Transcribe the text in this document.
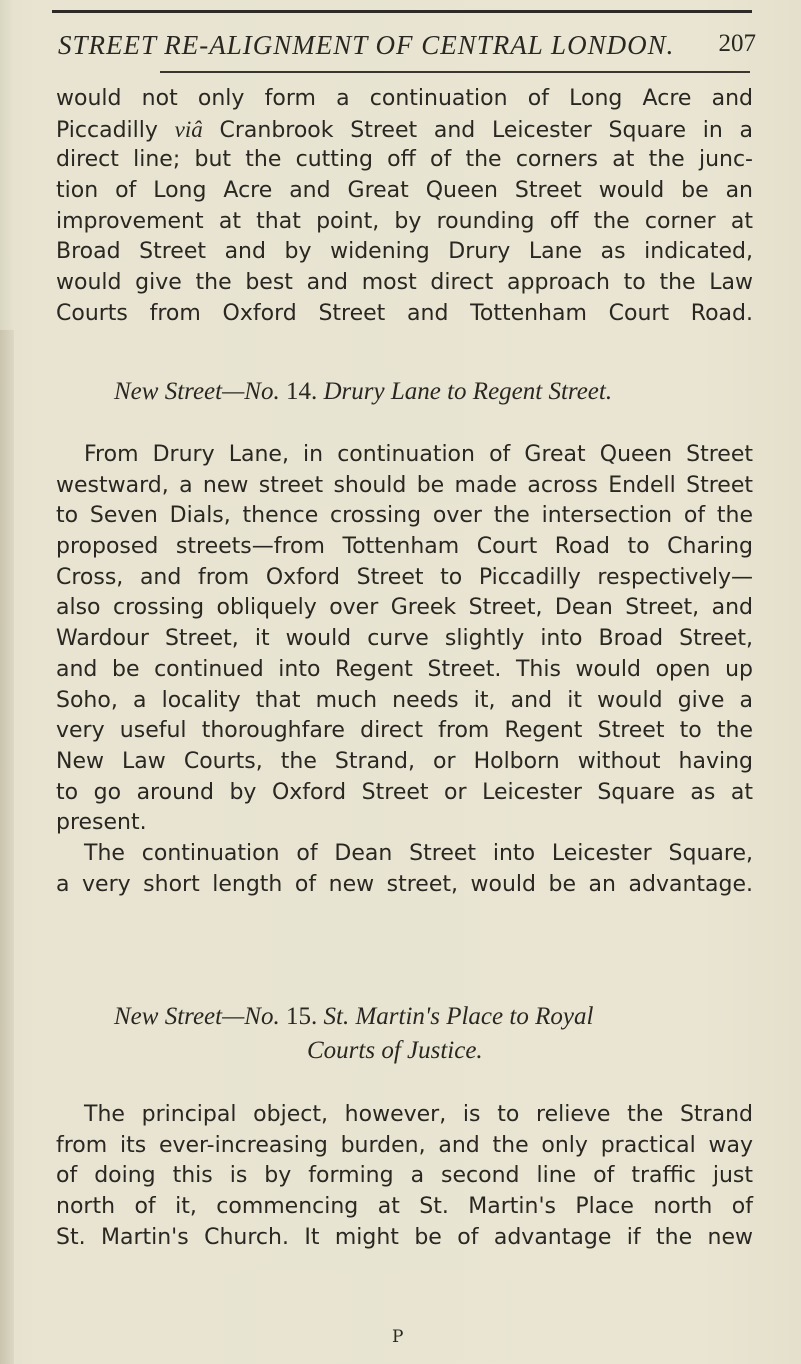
STREET RE-ALIGNMENT OF CENTRAL LONDON. 207
would not only form a continuation of Long Acre and
Piccadilly viâ Cranbrook Street and Leicester Square in a
direct line; but the cutting off of the corners at the junc-
tion of Long Acre and Great Queen Street would be an
improvement at that point, by rounding off the corner at
Broad Street and by widening Drury Lane as indicated,
would give the best and most direct approach to the Law
Courts from Oxford Street and Tottenham Court Road.
New Street—No. 14. Drury Lane to Regent Street.
From Drury Lane, in continuation of Great Queen Street
westward, a new street should be made across Endell Street
to Seven Dials, thence crossing over the intersection of the
proposed streets—from Tottenham Court Road to Charing
Cross, and from Oxford Street to Piccadilly respectively—
also crossing obliquely over Greek Street, Dean Street, and
Wardour Street, it would curve slightly into Broad Street,
and be continued into Regent Street. This would open up
Soho, a locality that much needs it, and it would give a
very useful thoroughfare direct from Regent Street to the
New Law Courts, the Strand, or Holborn without having
to go around by Oxford Street or Leicester Square as at
present.
The continuation of Dean Street into Leicester Square,
a very short length of new street, would be an advantage.
New Street—No. 15. St. Martin's Place to Royal
Courts of Justice.
The principal object, however, is to relieve the Strand
from its ever-increasing burden, and the only practical way
of doing this is by forming a second line of traffic just
north of it, commencing at St. Martin's Place north of
St. Martin's Church. It might be of advantage if the new
P
